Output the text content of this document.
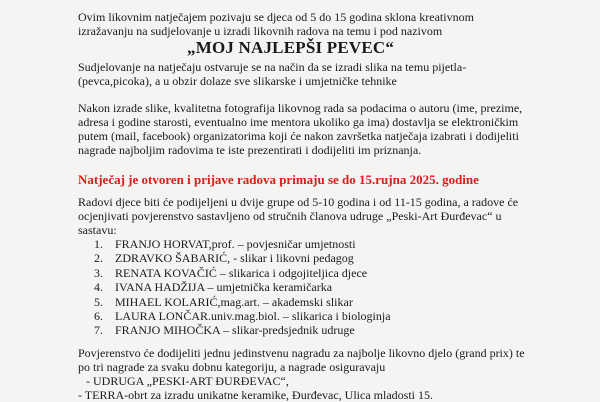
Ovim likovnim natječajem pozivaju se djeca od 5 do 15 godina sklona kreativnom

izražavanju na sudjelovanje u izradi likovnih radova na temu i pod nazivom

„MOJ NAJLEPŠI PEVEC“

Sudjelovanje na natječaju ostvaruje se na način da se izradi slika na temu pijetla-

(pevca,picoka), a u obzir dolaze sve slikarske i umjetničke tehnike

Nakon izrade slike, kvalitetna fotografija likovnog rada sa podacima o autoru (ime, prezime,

adresa i godine starosti, eventualno ime mentora ukoliko ga ima) dostavlja se elektroničkim

putem (mail, facebook) organizatorima koji će nakon završetka natječaja izabrati i dodijeliti

nagrade najboljim radovima te iste prezentirati i dodijeliti im priznanja.

Natječaj je otvoren i prijave radova primaju se do 15.rujna 2025. godine

Radovi djece biti će podijeljeni u dvije grupe od 5-10 godina i od 11-15 godina, a radove će

ocjenjivati povjerenstvo sastavljeno od stručnih članova udruge „Peski-Art Đurđevac“ u

sastavu:

1.	FRANJO HORVAT,prof. – povjesničar umjetnosti
2.	ZDRAVKO ŠABARIĆ, - slikar i likovni pedagog
3.	RENATA KOVAČIĆ – slikarica i odgojiteljica djece
4.	IVANA HADŽIJA – umjetnička keramičarka
5.	MIHAEL KOLARIĆ,mag.art. – akademski slikar
6.	LAURA LONČAR.univ.mag.biol. – slikarica i biologinja
7.	FRANJO MIHOČKA – slikar-predsjednik udruge

Povjerenstvo će dodijeliti jednu jedinstvenu nagradu za najbolje likovno djelo (grand prix) te

po tri nagrade za svaku dobnu kategoriju, a nagrade osiguravaju

- UDRUGA „PESKI-ART ĐURĐEVAC“,

- TERRA-obrt za izradu unikatne keramike, Đurđevac, Ulica mladosti 15.
